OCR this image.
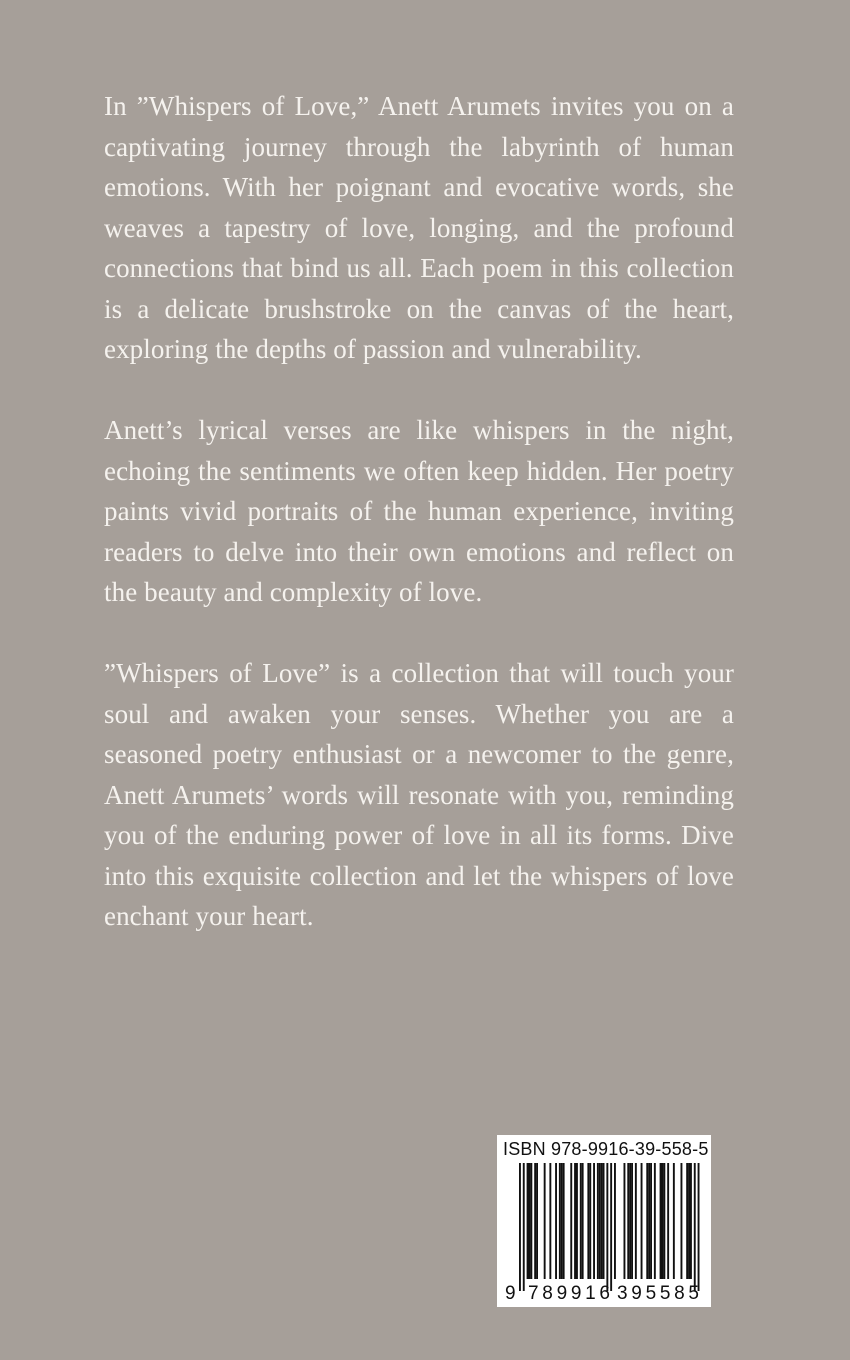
In ”Whispers of Love,” Anett Arumets invites you on a captivating journey through the labyrinth of human emotions. With her poignant and evocative words, she weaves a tapestry of love, longing, and the profound connections that bind us all. Each poem in this collection is a delicate brushstroke on the canvas of the heart, exploring the depths of passion and vulnerability.

Anett’s lyrical verses are like whispers in the night, echoing the sentiments we often keep hidden. Her poetry paints vivid portraits of the human experience, inviting readers to delve into their own emotions and reflect on the beauty and complexity of love.

”Whispers of Love” is a collection that will touch your soul and awaken your senses. Whether you are a seasoned poetry enthusiast or a newcomer to the genre, Anett Arumets’ words will resonate with you, reminding you of the enduring power of love in all its forms. Dive into this exquisite collection and let the whispers of love enchant your heart.

ISBN 978-9916-39-558-5
9 789916 395585
